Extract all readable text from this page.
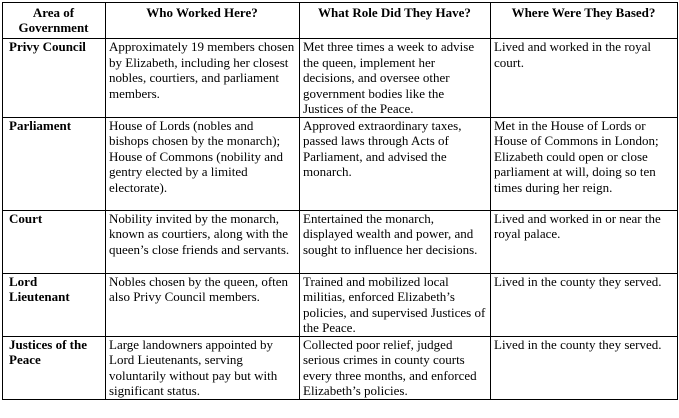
Area of Government	Who Worked Here?	What Role Did They Have?	Where Were They Based?
Privy Council	Approximately 19 members chosen by Elizabeth, including her closest nobles, courtiers, and parliament members.	Met three times a week to advise the queen, implement her decisions, and oversee other government bodies like the Justices of the Peace.	Lived and worked in the royal court.
Parliament	House of Lords (nobles and bishops chosen by the monarch); House of Commons (nobility and gentry elected by a limited electorate).	Approved extraordinary taxes, passed laws through Acts of Parliament, and advised the monarch.	Met in the House of Lords or House of Commons in London; Elizabeth could open or close parliament at will, doing so ten times during her reign.
Court	Nobility invited by the monarch, known as courtiers, along with the queen’s close friends and servants.	Entertained the monarch, displayed wealth and power, and sought to influence her decisions.	Lived and worked in or near the royal palace.
Lord Lieutenant	Nobles chosen by the queen, often also Privy Council members.	Trained and mobilized local militias, enforced Elizabeth’s policies, and supervised Justices of the Peace.	Lived in the county they served.
Justices of the Peace	Large landowners appointed by Lord Lieutenants, serving voluntarily without pay but with significant status.	Collected poor relief, judged serious crimes in county courts every three months, and enforced Elizabeth’s policies.	Lived in the county they served.
